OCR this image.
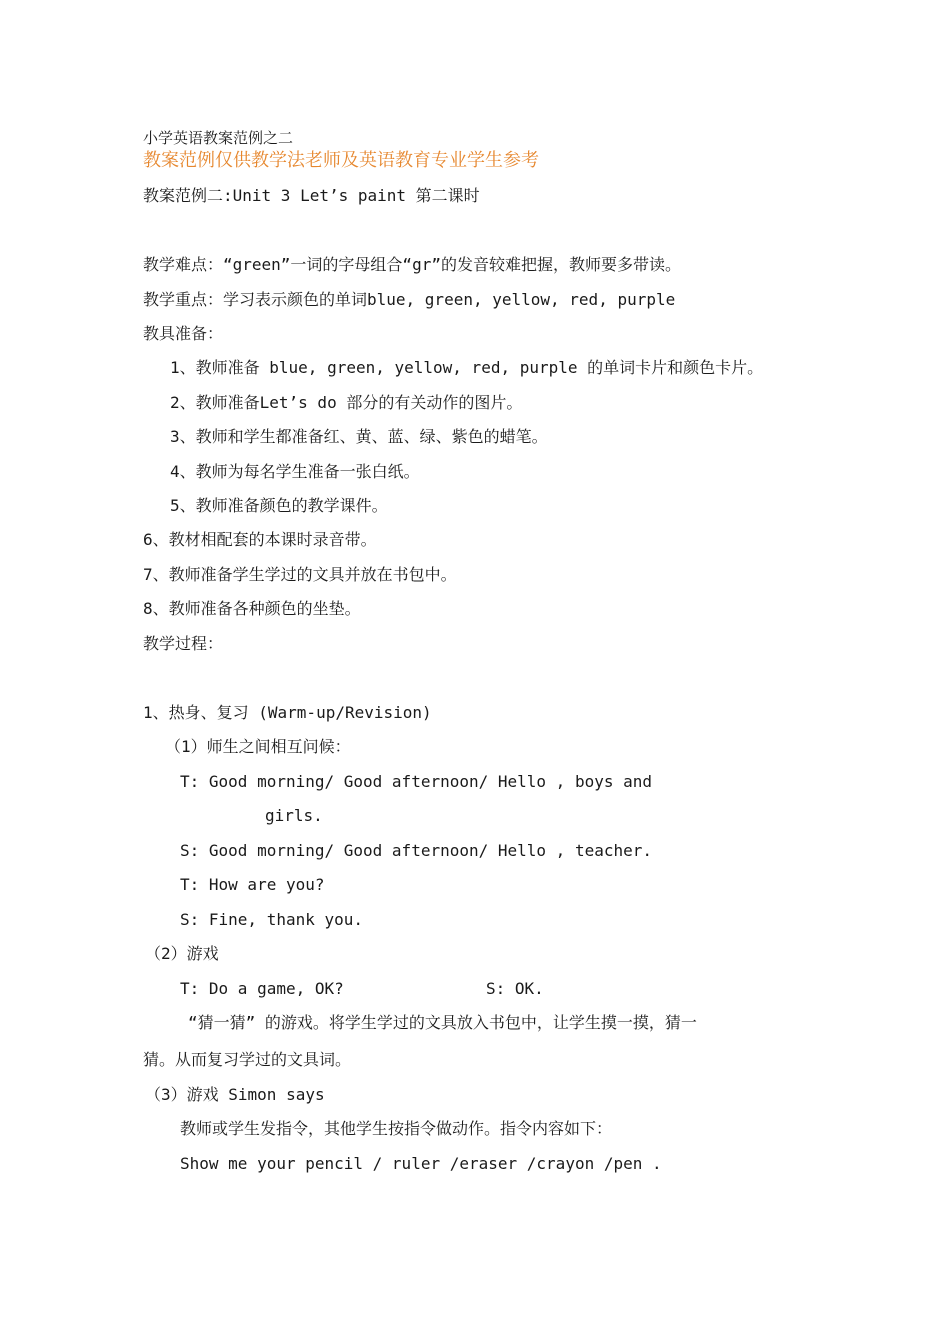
小学英语教案范例之二
教案范例仅供教学法老师及英语教育专业学生参考
教案范例二:Unit 3 Let’s paint 第二课时
教学难点：“green”一词的字母组合“gr”的发音较难把握，教师要多带读。
教学重点：学习表示颜色的单词blue, green, yellow, red, purple
教具准备：
1、教师准备 blue, green, yellow, red, purple 的单词卡片和颜色卡片。
2、教师准备Let’s do 部分的有关动作的图片。
3、教师和学生都准备红、黄、蓝、绿、紫色的蜡笔。
4、教师为每名学生准备一张白纸。
5、教师准备颜色的教学课件。
6、教材相配套的本课时录音带。
7、教师准备学生学过的文具并放在书包中。
8、教师准备各种颜色的坐垫。
教学过程：
1、热身、复习 (Warm-up/Revision)
（1）师生之间相互问候：
T: Good morning/ Good afternoon/ Hello , boys and
girls.
S: Good morning/ Good afternoon/ Hello , teacher.
T: How are you?
S: Fine, thank you.
（2）游戏
T: Do a game, OK?	S: OK.
“猜一猜” 的游戏。将学生学过的文具放入书包中，让学生摸一摸，猜一
猜。从而复习学过的文具词。
（3）游戏 Simon says
教师或学生发指令，其他学生按指令做动作。指令内容如下：
Show me your pencil / ruler /eraser /crayon /pen .
